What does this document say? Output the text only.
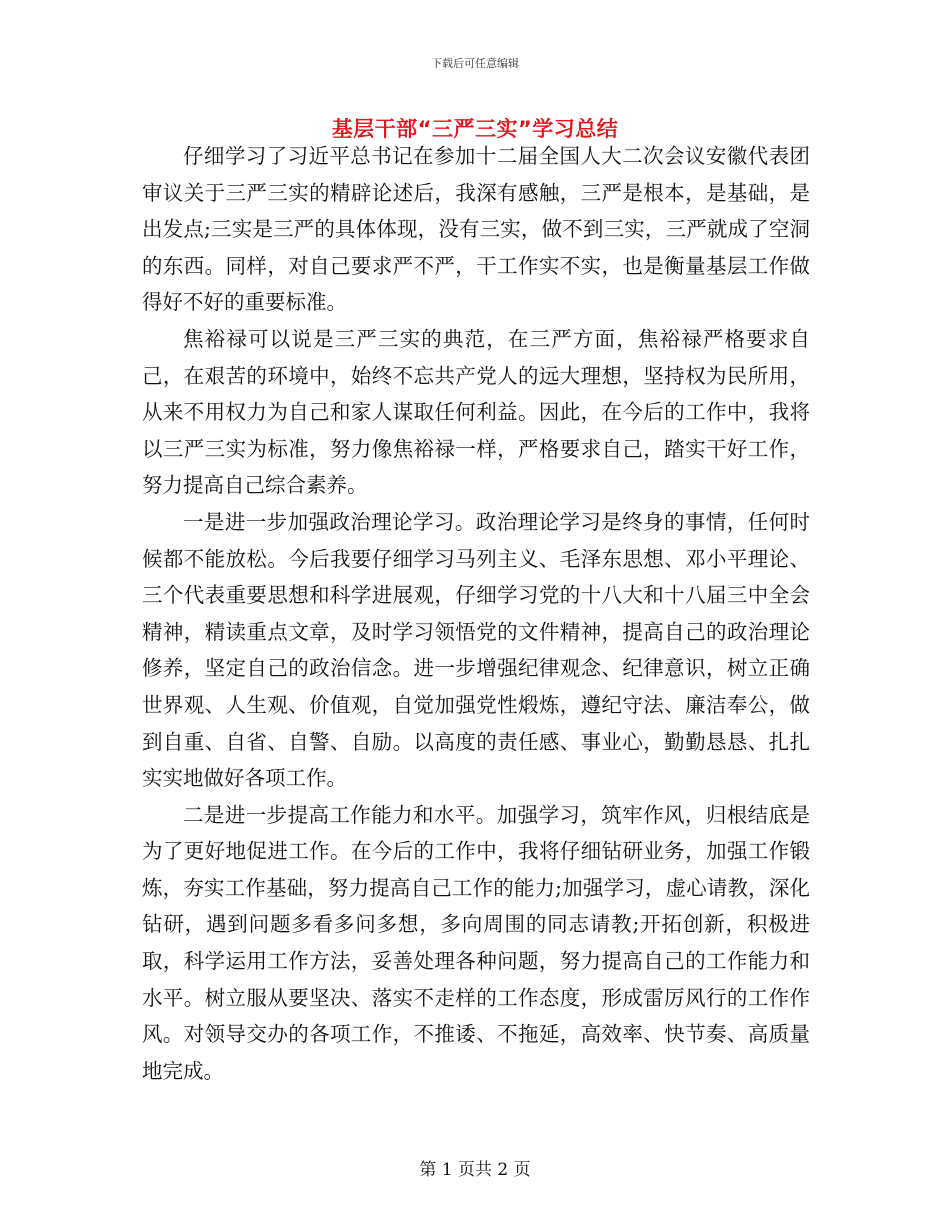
下载后可任意编辑
基层干部“三严三实”学习总结

仔细学习了习近平总书记在参加十二届全国人大二次会议安徽代表团审议关于三严三实的精辟论述后，我深有感触，三严是根本，是基础，是出发点;三实是三严的具体体现，没有三实，做不到三实，三严就成了空洞的东西。同样，对自己要求严不严，干工作实不实，也是衡量基层工作做得好不好的重要标准。

焦裕禄可以说是三严三实的典范，在三严方面，焦裕禄严格要求自己，在艰苦的环境中，始终不忘共产党人的远大理想，坚持权为民所用，从来不用权力为自己和家人谋取任何利益。因此，在今后的工作中，我将以三严三实为标准，努力像焦裕禄一样，严格要求自己，踏实干好工作，努力提高自己综合素养。

一是进一步加强政治理论学习。政治理论学习是终身的事情，任何时候都不能放松。今后我要仔细学习马列主义、毛泽东思想、邓小平理论、三个代表重要思想和科学进展观，仔细学习党的十八大和十八届三中全会精神，精读重点文章，及时学习领悟党的文件精神，提高自己的政治理论修养，坚定自己的政治信念。进一步增强纪律观念、纪律意识，树立正确世界观、人生观、价值观，自觉加强党性煅炼，遵纪守法、廉洁奉公，做到自重、自省、自警、自励。以高度的责任感、事业心，勤勤恳恳、扎扎实实地做好各项工作。

二是进一步提高工作能力和水平。加强学习，筑牢作风，归根结底是为了更好地促进工作。在今后的工作中，我将仔细钻研业务，加强工作锻炼，夯实工作基础，努力提高自己工作的能力;加强学习，虚心请教，深化钻研，遇到问题多看多问多想，多向周围的同志请教;开拓创新，积极进取，科学运用工作方法，妥善处理各种问题，努力提高自己的工作能力和水平。树立服从要坚决、落实不走样的工作态度，形成雷厉风行的工作作风。对领导交办的各项工作，不推诿、不拖延，高效率、快节奏、高质量地完成。

第 1 页共 2 页
